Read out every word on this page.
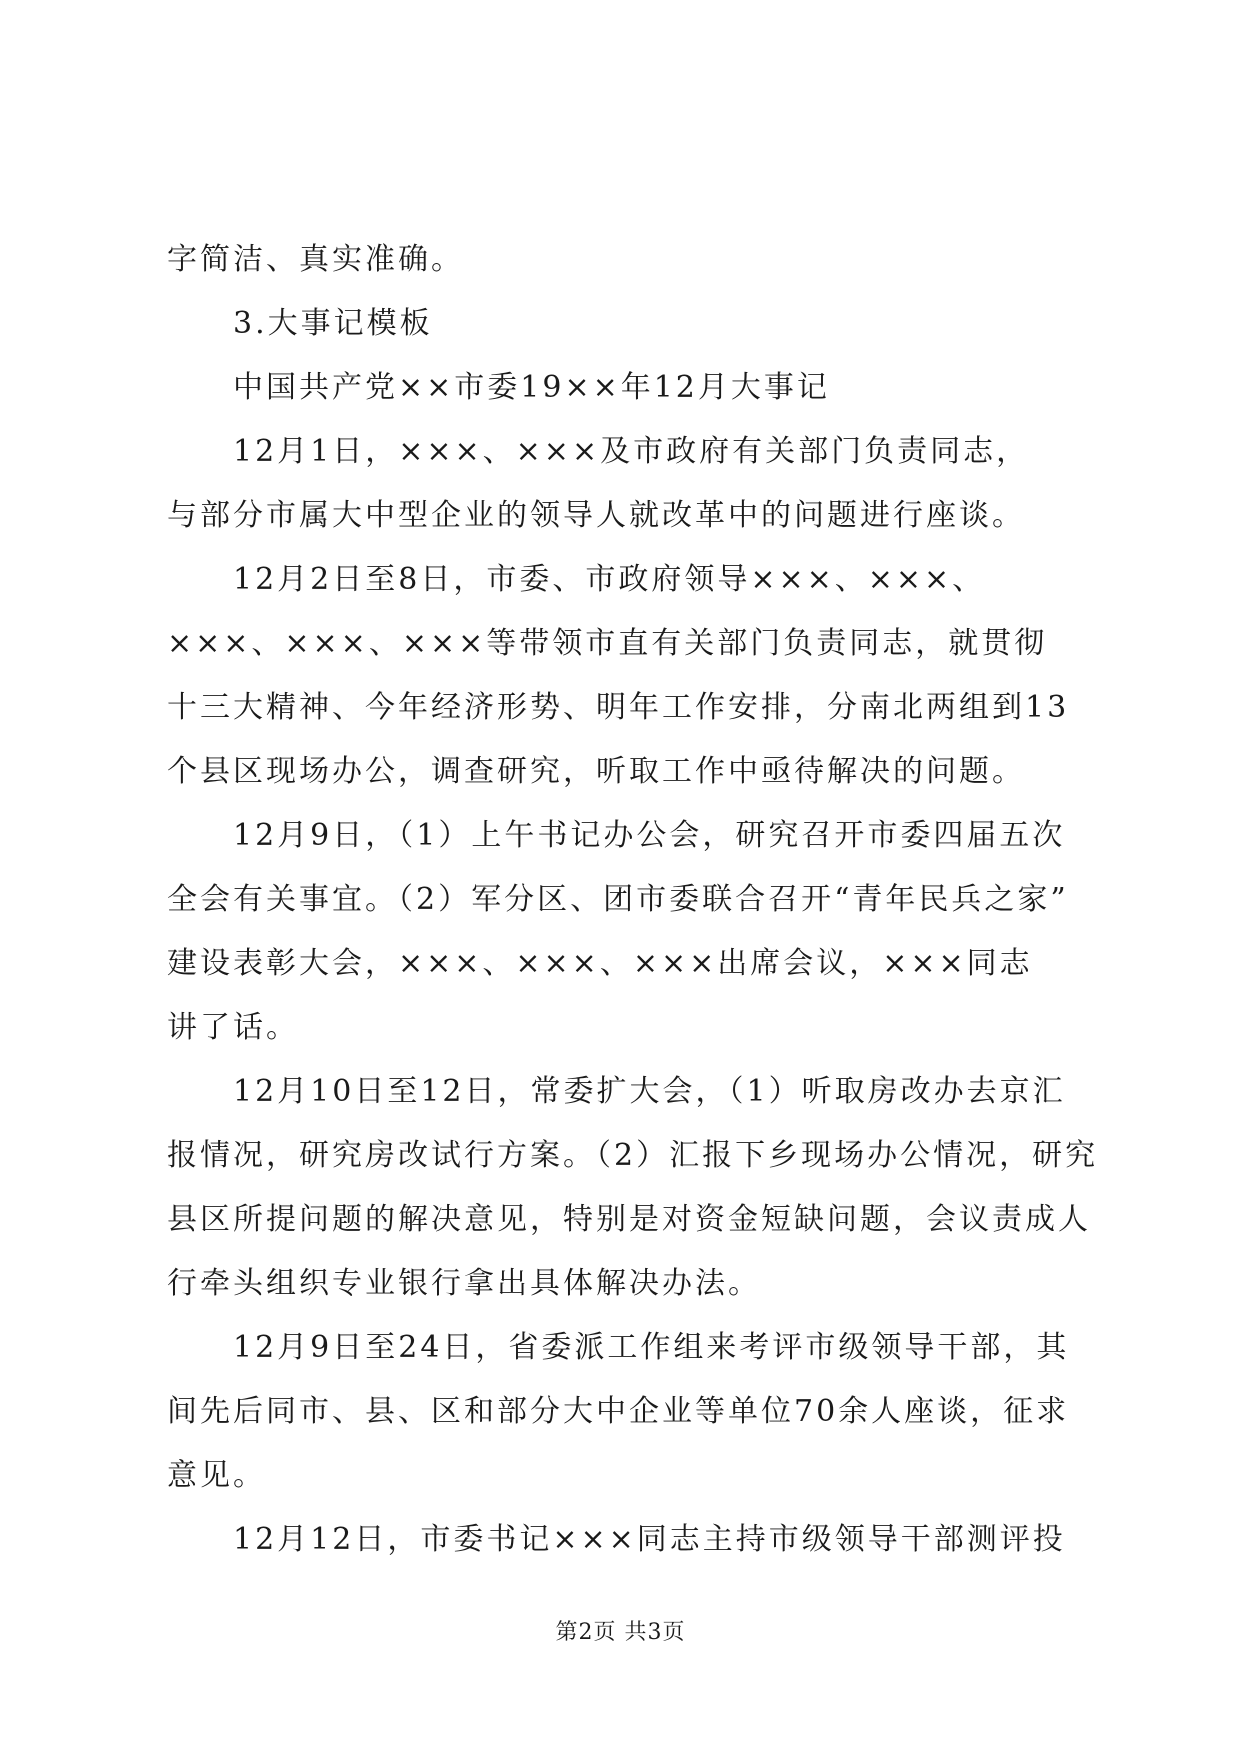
字简洁、真实准确。
3.大事记模板
中国共产党××市委19××年12月大事记
12月1日，×××、×××及市政府有关部门负责同志，
与部分市属大中型企业的领导人就改革中的问题进行座谈。
12月2日至8日，市委、市政府领导×××、×××、
×××、×××、×××等带领市直有关部门负责同志，就贯彻
十三大精神、今年经济形势、明年工作安排，分南北两组到13
个县区现场办公，调查研究，听取工作中亟待解决的问题。
12月9日，（1）上午书记办公会，研究召开市委四届五次
全会有关事宜。（2）军分区、团市委联合召开“青年民兵之家”
建设表彰大会，×××、×××、×××出席会议，×××同志
讲了话。
12月10日至12日，常委扩大会，（1）听取房改办去京汇
报情况，研究房改试行方案。（2）汇报下乡现场办公情况，研究
县区所提问题的解决意见，特别是对资金短缺问题，会议责成人
行牵头组织专业银行拿出具体解决办法。
12月9日至24日，省委派工作组来考评市级领导干部，其
间先后同市、县、区和部分大中企业等单位70余人座谈，征求
意见。
12月12日，市委书记×××同志主持市级领导干部测评投
第2页 共3页
